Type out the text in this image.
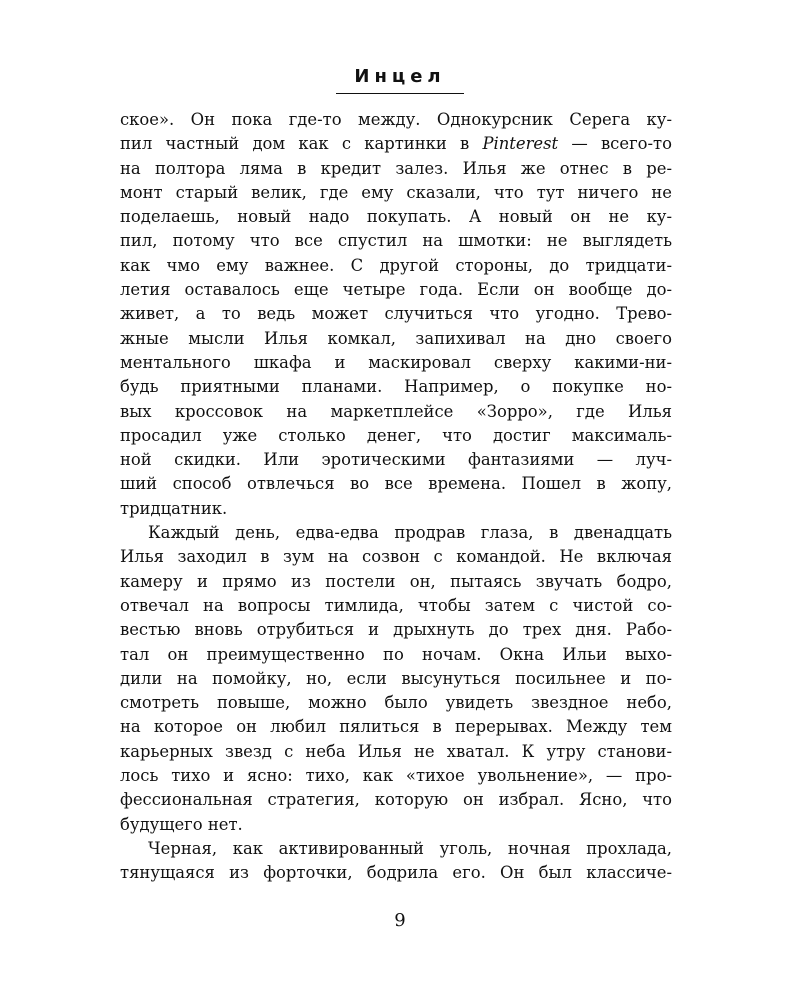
Инцел
ское». Он пока где-то между. Однокурсник Серега ку-
пил частный дом как с картинки в Pinterest — всего-то
на полтора ляма в кредит залез. Илья же отнес в ре-
монт старый велик, где ему сказали, что тут ничего не
поделаешь, новый надо покупать. А новый он не ку-
пил, потому что все спустил на шмотки: не выглядеть
как чмо ему важнее. С другой стороны, до тридцати-
летия оставалось еще четыре года. Если он вообще до-
живет, а то ведь может случиться что угодно. Трево-
жные мысли Илья комкал, запихивал на дно своего
ментального шкафа и маскировал сверху какими-ни-
будь приятными планами. Например, о покупке но-
вых кроссовок на маркетплейсе «Зорро», где Илья
просадил уже столько денег, что достиг максималь-
ной скидки. Или эротическими фантазиями — луч-
ший способ отвлечься во все времена. Пошел в жопу,
тридцатник.
Каждый день, едва-едва продрав глаза, в двенадцать
Илья заходил в зум на созвон с командой. Не включая
камеру и прямо из постели он, пытаясь звучать бодро,
отвечал на вопросы тимлида, чтобы затем с чистой со-
вестью вновь отрубиться и дрыхнуть до трех дня. Рабо-
тал он преимущественно по ночам. Окна Ильи выхо-
дили на помойку, но, если высунуться посильнее и по-
смотреть повыше, можно было увидеть звездное небо,
на которое он любил пялиться в перерывах. Между тем
карьерных звезд с неба Илья не хватал. К утру станови-
лось тихо и ясно: тихо, как «тихое увольнение», — про-
фессиональная стратегия, которую он избрал. Ясно, что
будущего нет.
Черная, как активированный уголь, ночная прохлада,
тянущаяся из форточки, бодрила его. Он был классиче-
9
